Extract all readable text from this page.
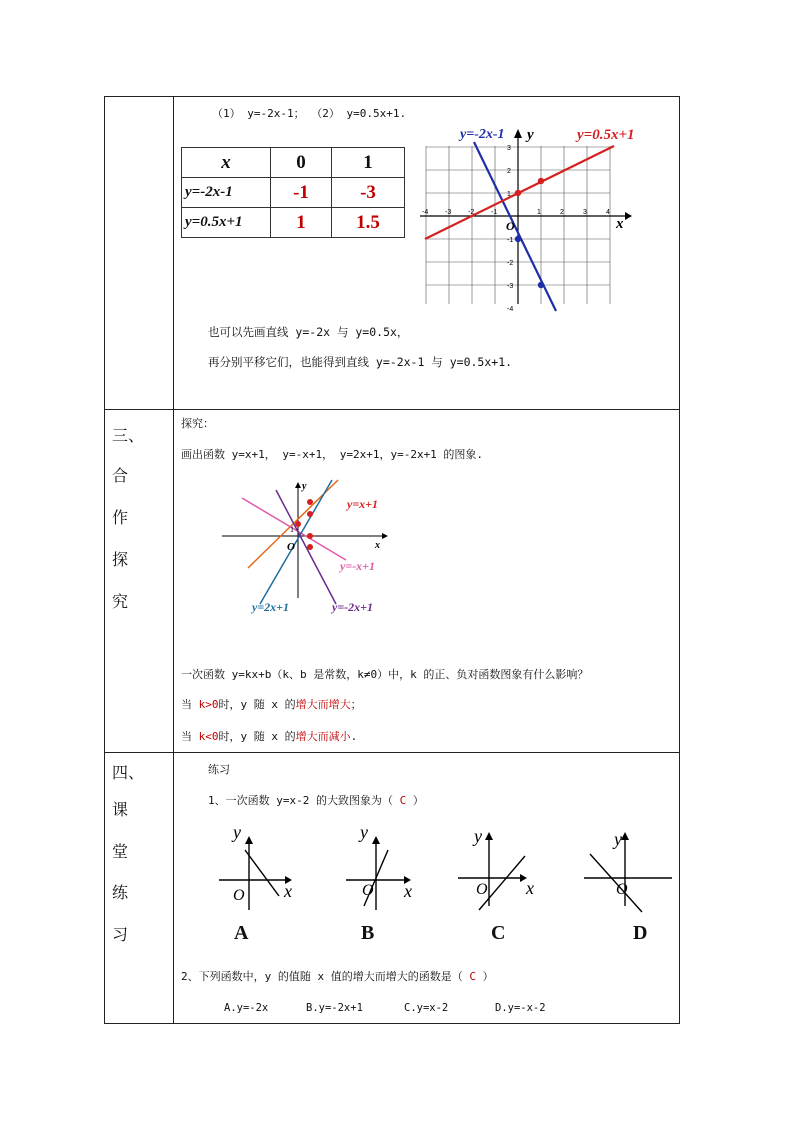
（1） y=-2x-1； （2） y=0.5x+1.
x	0	1
y=-2x-1	-1	-3
y=0.5x+1	1	1.5	-4 -3 -2 -1	1	2	3	4
3
2
1
-1
-2
-3
-4
y=-2x-1	y=0.5x+1
y
x
O
也可以先画直线 y=-2x 与 y=0.5x，
再分别平移它们，也能得到直线 y=-2x-1 与 y=0.5x+1.
三、
合
作
探
究
探究：
画出函数 y=x+1， y=-x+1， y=2x+1，y=-2x+1 的图象.
y
x
O
1
y=x+1
y=-x+1
y=2x+1	y=-2x+1
一次函数 y=kx+b（k、b 是常数，k≠0）中，k 的正、负对函数图象有什么影响？
当 k>0时，y 随 x 的增大而增大；
当 k<0时，y 随 x 的增大而减小.
四、
课
堂
练
习
练习
1、一次函数 y=x-2 的大致图象为（ C ）
y
x
O
y
x
O
y
x
O
y
O
A	B	C	D
2、下列函数中，y 的值随 x 值的增大而增大的函数是（ C ）
A.y=-2x	B.y=-2x+1	C.y=x-2	D.y=-x-2
